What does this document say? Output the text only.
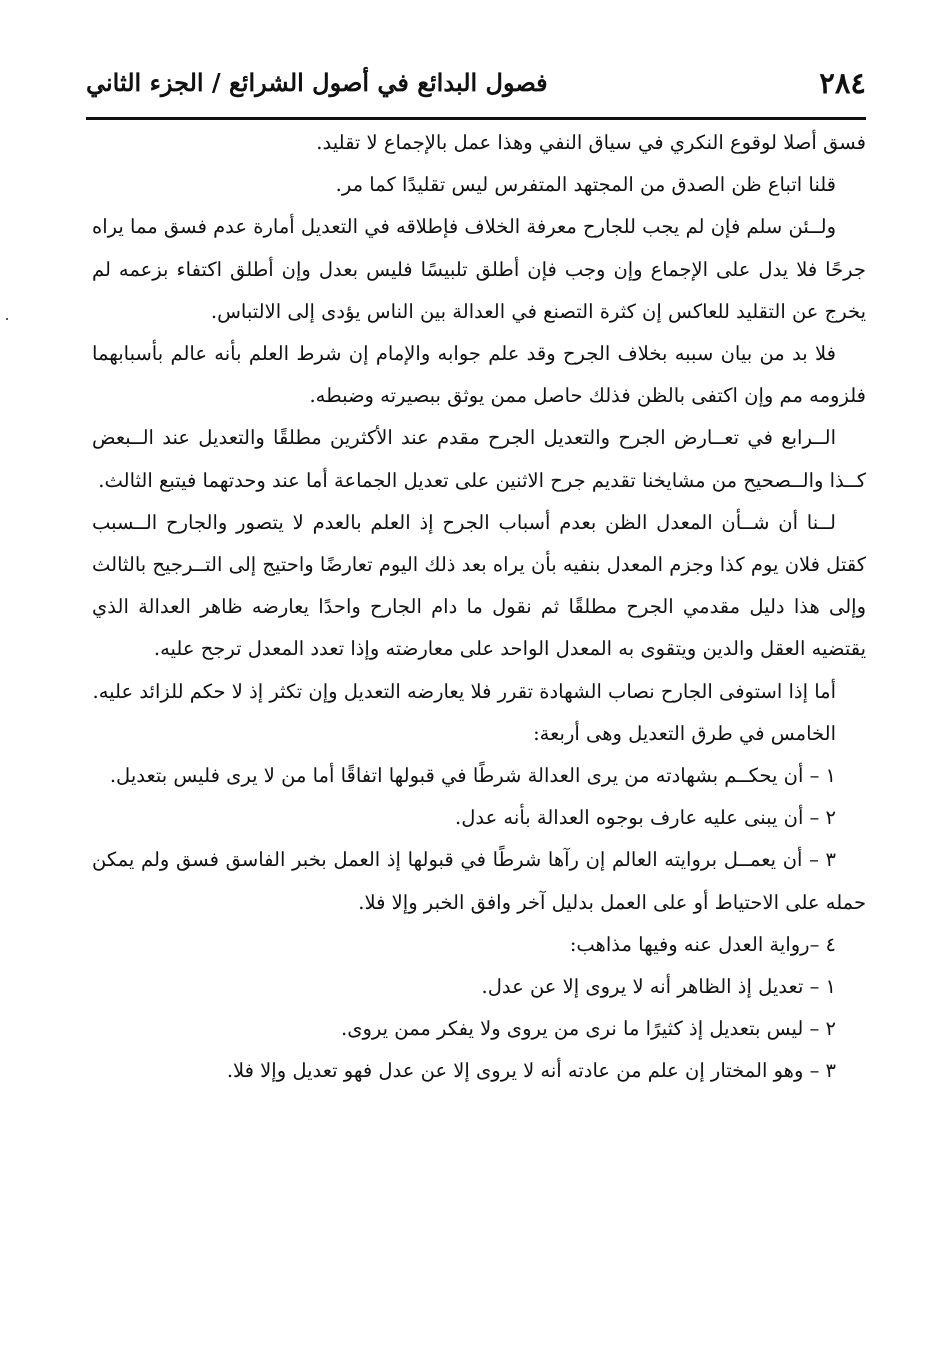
٢٨٤
فصول البدائع في أصول الشرائع / الجزء الثاني

فسق أصلا لوقوع النكري في سياق النفي وهذا عمل بالإجماع لا تقليد.

قلنا اتباع ظن الصدق من المجتهد المتفرس ليس تقليدًا كما مر.

ولــئن سلم فإن لم يجب للجارح معرفة الخلاف فإطلاقه في التعديل أمارة عدم فسق مما يراه جرحًا فلا يدل على الإجماع وإن وجب فإن أطلق تلبيسًا فليس بعدل وإن أطلق اكتفاء بزعمه لم يخرج عن التقليد للعاكس إن كثرة التصنع في العدالة بين الناس يؤدى إلى الالتباس.

فلا بد من بيان سببه بخلاف الجرح وقد علم جوابه والإمام إن شرط العلم بأنه عالم بأسبابهما فلزومه مم وإن اكتفى بالظن فذلك حاصل ممن يوثق ببصيرته وضبطه.

الــرابع في تعــارض الجرح والتعديل الجرح مقدم عند الأكثرين مطلقًا والتعديل عند الــبعض كــذا والــصحيح من مشايخنا تقديم جرح الاثنين على تعديل الجماعة أما عند وحدتهما فيتبع الثالث.

لــنا أن شــأن المعدل الظن بعدم أسباب الجرح إذ العلم بالعدم لا يتصور والجارح الــسبب كقتل فلان يوم كذا وجزم المعدل بنفيه بأن يراه بعد ذلك اليوم تعارضًا واحتيج إلى التــرجيح بالثالث وإلى هذا دليل مقدمي الجرح مطلقًا ثم نقول ما دام الجارح واحدًا يعارضه ظاهر العدالة الذي يقتضيه العقل والدين ويتقوى به المعدل الواحد على معارضته وإذا تعدد المعدل ترجح عليه.

أما إذا استوفى الجارح نصاب الشهادة تقرر فلا يعارضه التعديل وإن تكثر إذ لا حكم للزائد عليه.

الخامس في طرق التعديل وهى أربعة:

١ – أن يحكــم بشهادته من يرى العدالة شرطًا في قبولها اتفاقًا أما من لا يرى فليس بتعديل.

٢ – أن يبنى عليه عارف بوجوه العدالة بأنه عدل.

٣ – أن يعمــل بروايته العالم إن رآها شرطًا في قبولها إذ العمل بخبر الفاسق فسق ولم يمكن حمله على الاحتياط أو على العمل بدليل آخر وافق الخبر وإلا فلا.

٤ –رواية العدل عنه وفيها مذاهب:

١ – تعديل إذ الظاهر أنه لا يروى إلا عن عدل.

٢ – ليس بتعديل إذ كثيرًا ما نرى من يروى ولا يفكر ممن يروى.

٣ – وهو المختار إن علم من عادته أنه لا يروى إلا عن عدل فهو تعديل وإلا فلا.
